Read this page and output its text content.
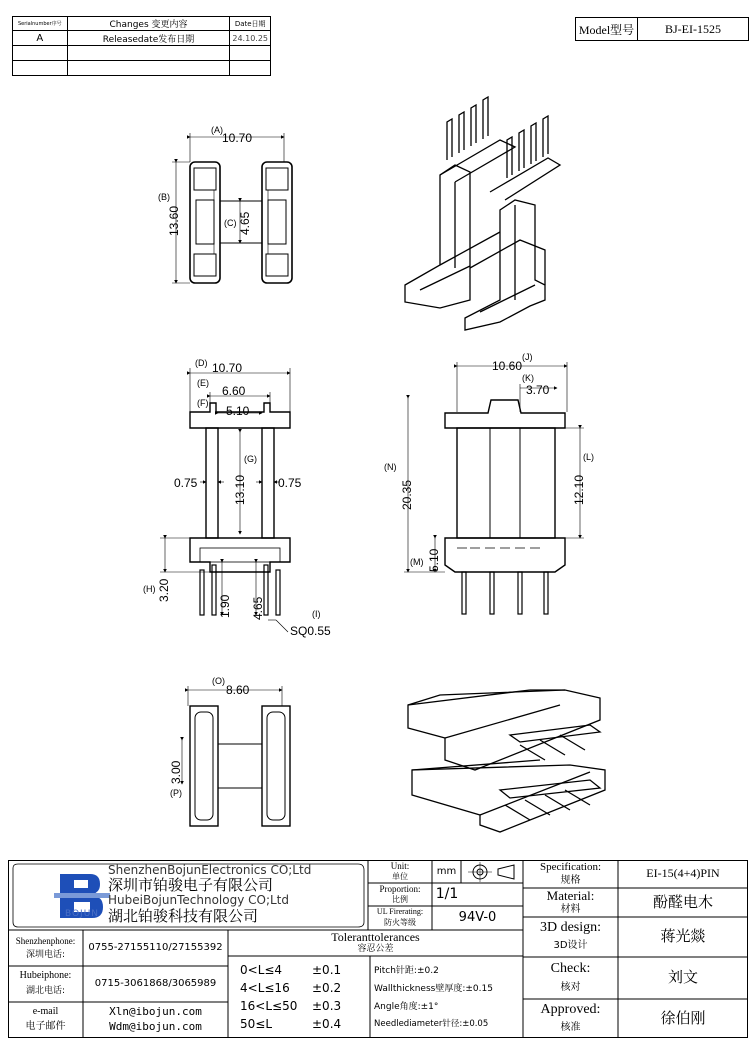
Serialnumber序号	Changes 变更内容	Date日期
A	Releasedate发布日期	24.10.25

Model型号	BJ-EI-1525
(A)
10.70
(B)
13.60	(C) 4.65
(D) 10.70
(E)
6.60
(F)
5.10
(G)
13.10
0.75	0.75
(H) 3.20
1.90 4.65	(I)
SQ0.55
(J)
10.60
(K)
3.70
(L)
12.10
(N)
20.35
(M) 5.10
(O)
8.60
3.00
(P)
BOJUN
ShenzhenBojunElectronics CO;Ltd
深圳市铂骏电子有限公司
HubeiBojunTechnology CO;Ltd
湖北铂骏科技有限公司
Unit:
单位
mm
Proportion:
比例	1/1
UL Firerating:
防火等级	94V-0
Specification:
规格
EI-15(4+4)PIN
Material:
材料	酚醛电木
3D design:
3D设计
蒋光燚
Check:
核对
刘文
Approved:
核准
徐伯刚
Shenzhenphone:
深圳电话:
0755-27155110/27155392
Hubeiphone:
湖北电话:
0715-3061868/3065989
e-mail
电子邮件
Xln@ibojun.com
Wdm@ibojun.com
Toleranttolerances
容忍公差
0<L≤4	±0.1
4<L≤16	±0.2
16<L≤50	±0.3
50≤L	±0.4
Pitch针距:±0.2
Wallthickness壁厚度:±0.15
Angle角度:±1°
Needlediameter针径:±0.05
